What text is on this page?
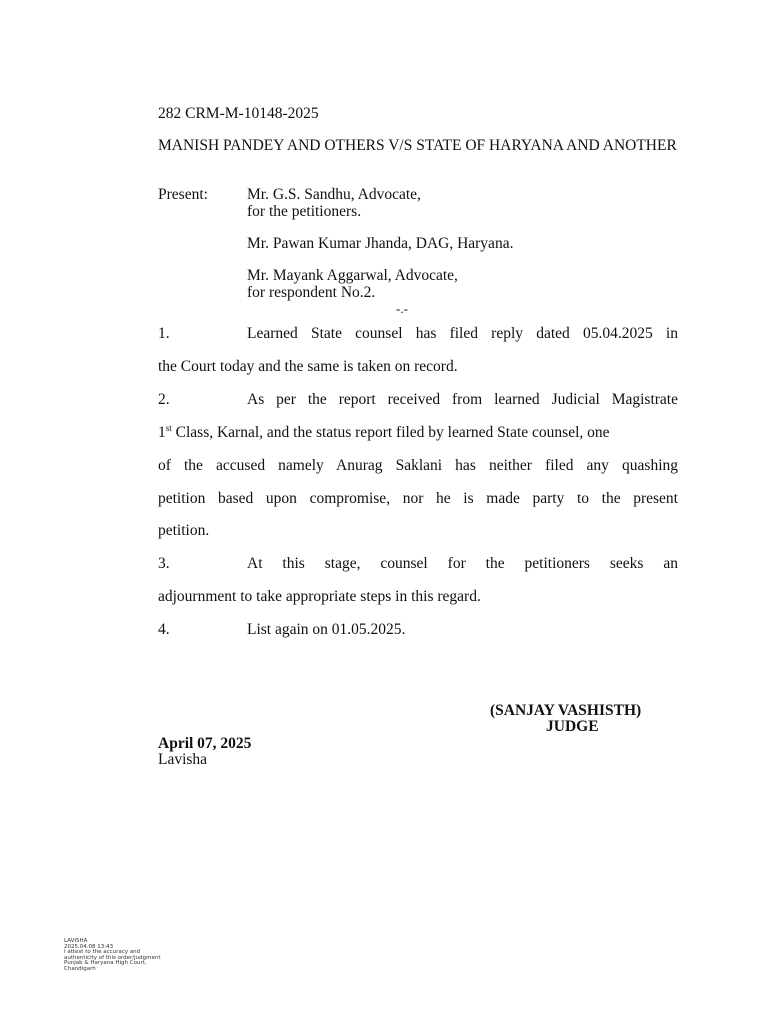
282 CRM-M-10148-2025
MANISH PANDEY AND OTHERS V/S STATE OF HARYANA AND ANOTHER
Present:	Mr. G.S. Sandhu, Advocate,
for the petitioners.
Mr. Pawan Kumar Jhanda, DAG, Haryana.
Mr. Mayank Aggarwal, Advocate,
for respondent No.2.
-.-
1.	Learned State counsel has filed reply dated 05.04.2025 in
the Court today and the same is taken on record.
2.	As per the report received from learned Judicial Magistrate
1st Class, Karnal, and the status report filed by learned State counsel, one
of the accused namely Anurag Saklani has neither filed any quashing
petition based upon compromise, nor he is made party to the present
petition.
3.	At this stage, counsel for the petitioners seeks an
adjournment to take appropriate steps in this regard.
4.	List again on 01.05.2025.
(SANJAY VASHISTH)
JUDGE
April 07, 2025
Lavisha
LAVISHA
2025.04.08 13:43
I attest to the accuracy and
authenticity of this order/judgment
Punjab & Haryana High Court,
Chandigarh
